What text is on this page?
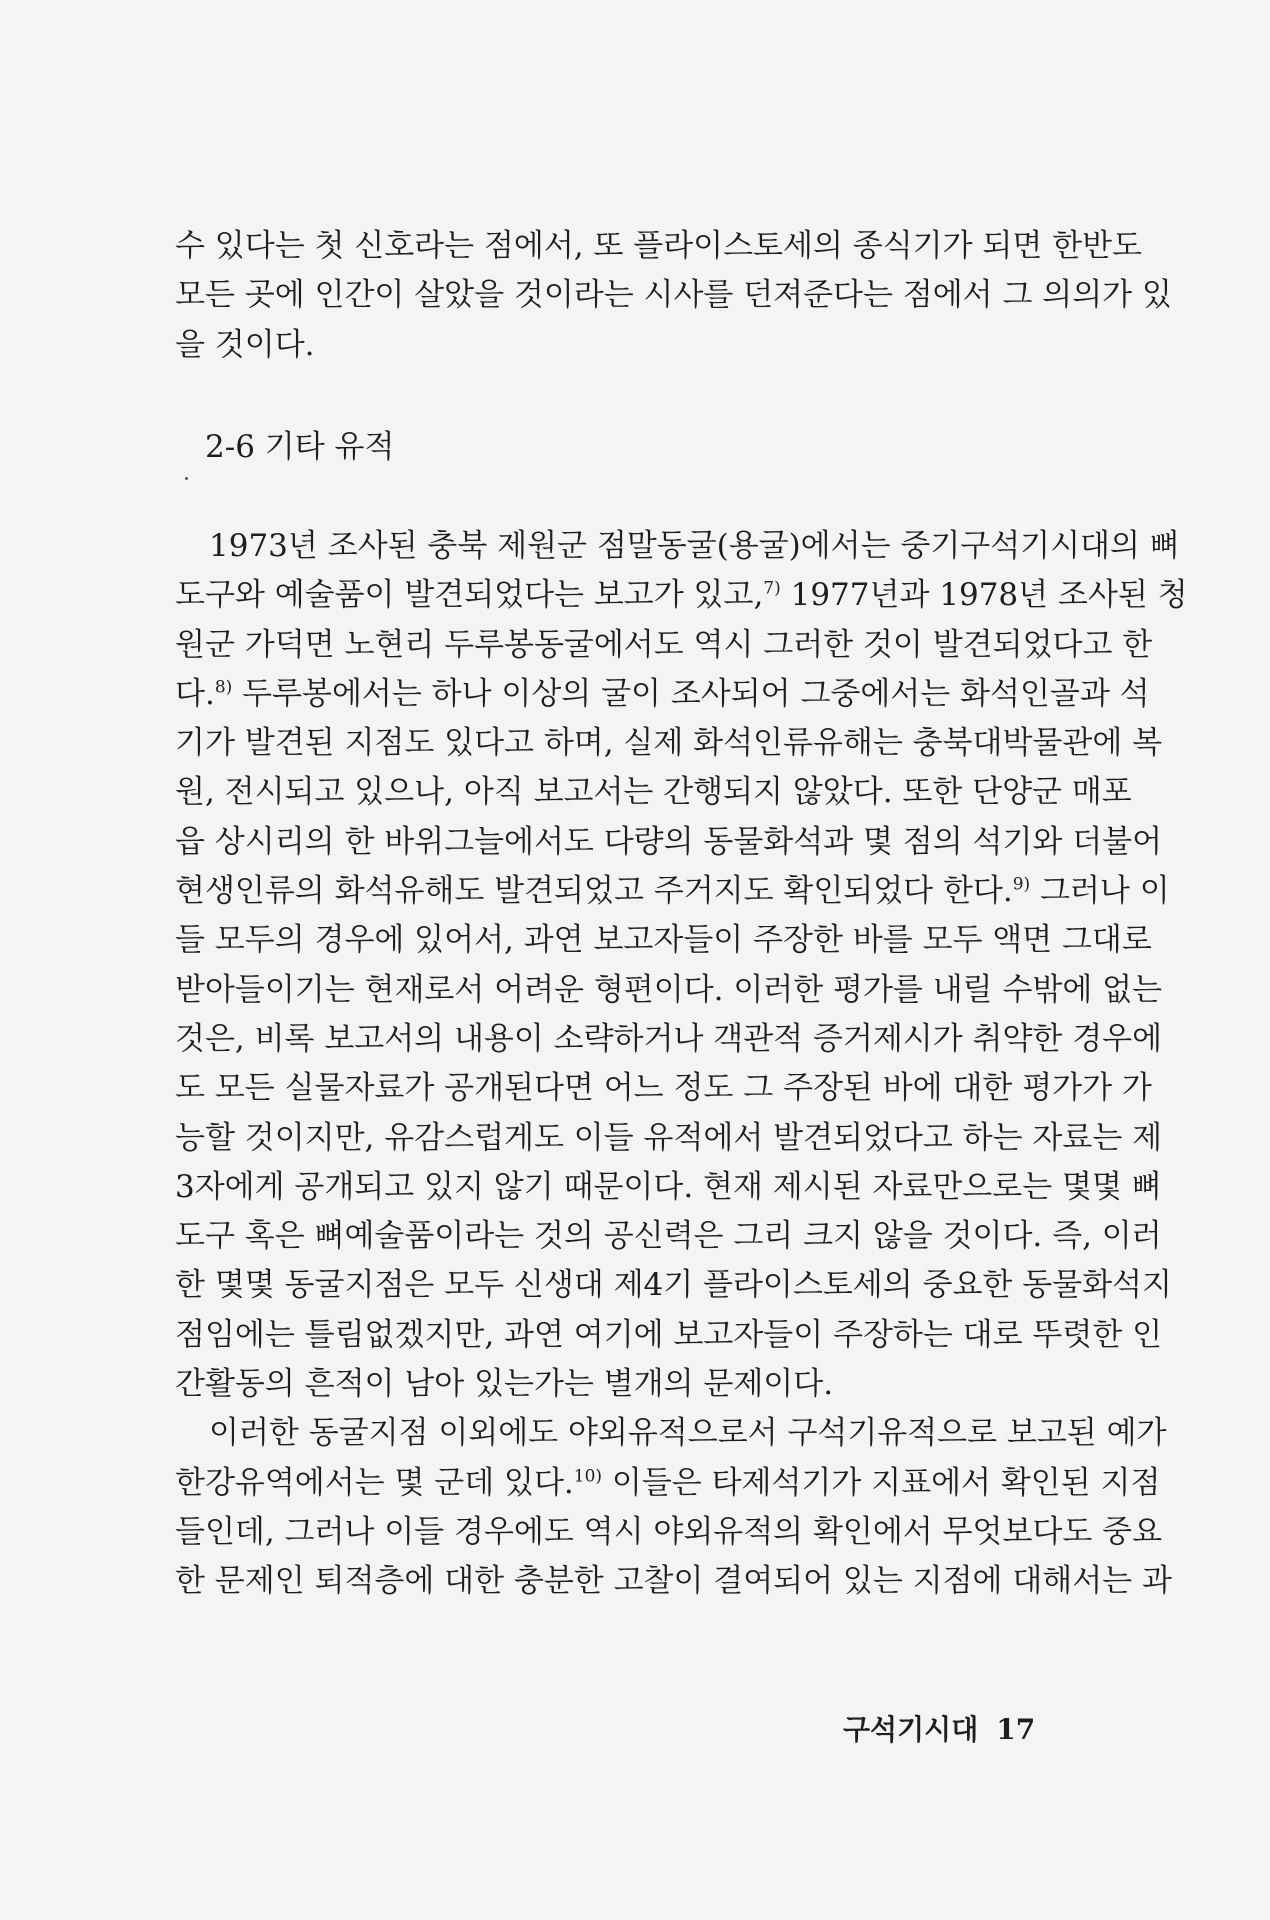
수 있다는 첫 신호라는 점에서, 또 플라이스토세의 종식기가 되면 한반도
모든 곳에 인간이 살았을 것이라는 시사를 던져준다는 점에서 그 의의가 있
을 것이다.
2-6 기타 유적
1973년 조사된 충북 제원군 점말동굴(용굴)에서는 중기구석기시대의 뼈
도구와 예술품이 발견되었다는 보고가 있고,$^{7)}$ 1977년과 1978년 조사된 청
원군 가덕면 노현리 두루봉동굴에서도 역시 그러한 것이 발견되었다고 한
다.$^{8)}$ 두루봉에서는 하나 이상의 굴이 조사되어 그중에서는 화석인골과 석
기가 발견된 지점도 있다고 하며, 실제 화석인류유해는 충북대박물관에 복
원, 전시되고 있으나, 아직 보고서는 간행되지 않았다. 또한 단양군 매포
읍 상시리의 한 바위그늘에서도 다량의 동물화석과 몇 점의 석기와 더불어
현생인류의 화석유해도 발견되었고 주거지도 확인되었다 한다.$^{9)}$ 그러나 이
들 모두의 경우에 있어서, 과연 보고자들이 주장한 바를 모두 액면 그대로
받아들이기는 현재로서 어려운 형편이다. 이러한 평가를 내릴 수밖에 없는
것은, 비록 보고서의 내용이 소략하거나 객관적 증거제시가 취약한 경우에
도 모든 실물자료가 공개된다면 어느 정도 그 주장된 바에 대한 평가가 가
능할 것이지만, 유감스럽게도 이들 유적에서 발견되었다고 하는 자료는 제
3자에게 공개되고 있지 않기 때문이다. 현재 제시된 자료만으로는 몇몇 뼈
도구 혹은 뼈예술품이라는 것의 공신력은 그리 크지 않을 것이다. 즉, 이러
한 몇몇 동굴지점은 모두 신생대 제4기 플라이스토세의 중요한 동물화석지
점임에는 틀림없겠지만, 과연 여기에 보고자들이 주장하는 대로 뚜렷한 인
간활동의 흔적이 남아 있는가는 별개의 문제이다.
이러한 동굴지점 이외에도 야외유적으로서 구석기유적으로 보고된 예가
한강유역에서는 몇 군데 있다.$^{10)}$ 이들은 타제석기가 지표에서 확인된 지점
들인데, 그러나 이들 경우에도 역시 야외유적의 확인에서 무엇보다도 중요
한 문제인 퇴적층에 대한 충분한 고찰이 결여되어 있는 지점에 대해서는 과
구석기시대 17
